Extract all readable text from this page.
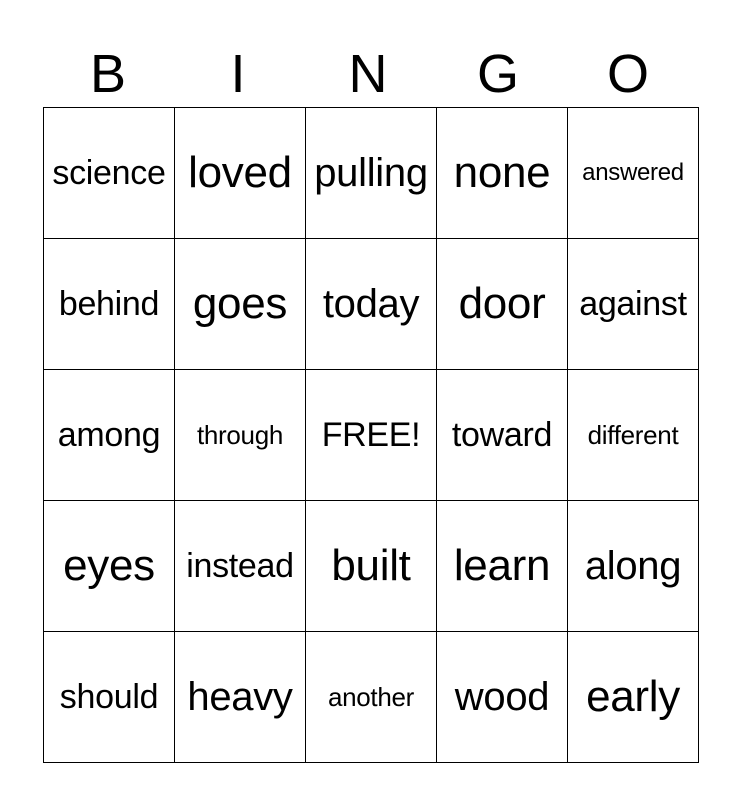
B	I	N	G	O
science	loved	pulling	none	answered
behind	goes	today	door	against
among	through	FREE!	toward	different
eyes	instead	built	learn	along
should	heavy	another	wood	early
